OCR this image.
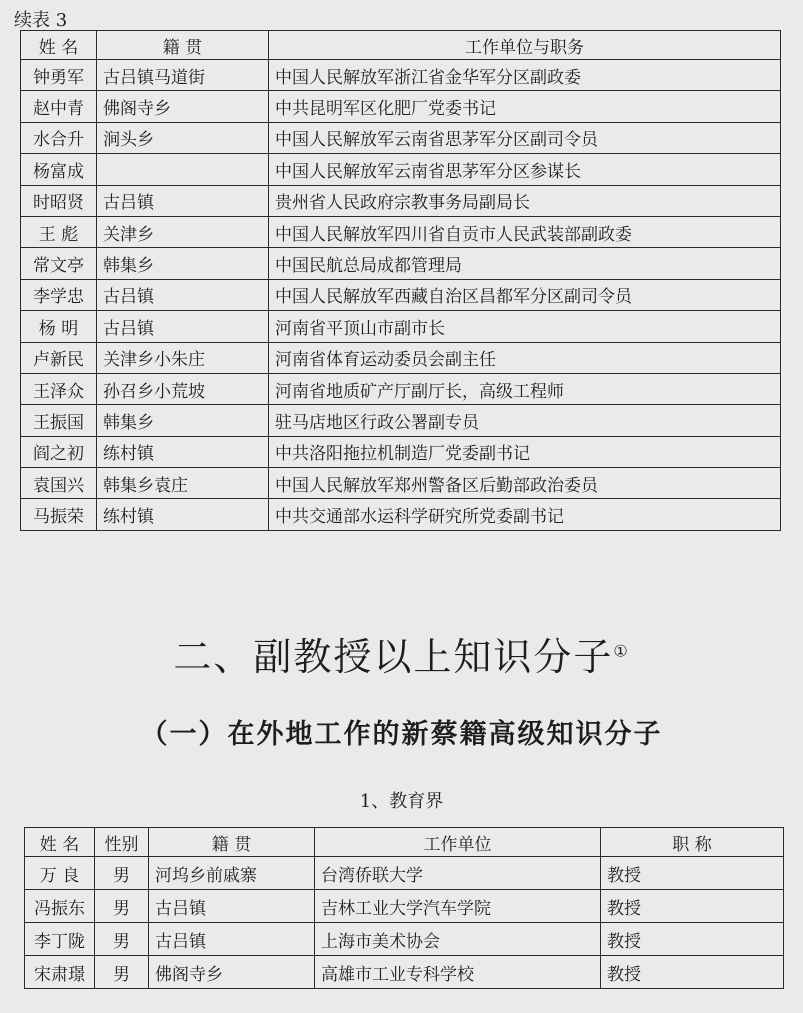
续表 3
姓 名	籍 贯	工作单位与职务
钟勇军	古吕镇马道街	中国人民解放军浙江省金华军分区副政委
赵中青	佛阁寺乡	中共昆明军区化肥厂党委书记
水合升	涧头乡	中国人民解放军云南省思茅军分区副司令员
杨富成		中国人民解放军云南省思茅军分区参谋长
时昭贤	古吕镇	贵州省人民政府宗教事务局副局长
王 彪	关津乡	中国人民解放军四川省自贡市人民武装部副政委
常文亭	韩集乡	中国民航总局成都管理局
李学忠	古吕镇	中国人民解放军西藏自治区昌都军分区副司令员
杨 明	古吕镇	河南省平顶山市副市长
卢新民	关津乡小朱庄	河南省体育运动委员会副主任
王泽众	孙召乡小荒坡	河南省地质矿产厅副厅长，高级工程师
王振国	韩集乡	驻马店地区行政公署副专员
阎之初	练村镇	中共洛阳拖拉机制造厂党委副书记
袁国兴	韩集乡袁庄	中国人民解放军郑州警备区后勤部政治委员
马振荣	练村镇	中共交通部水运科学研究所党委副书记
二、副教授以上知识分子①
（一）在外地工作的新蔡籍高级知识分子
1、教育界
姓 名	性别	籍 贯	工作单位	职 称
万 良	男	河坞乡前戚寨	台湾侨联大学	教授
冯振东	男	古吕镇	吉林工业大学汽车学院	教授
李丁陇	男	古吕镇	上海市美术协会	教授
宋肃璟	男	佛阁寺乡	高雄市工业专科学校	教授
